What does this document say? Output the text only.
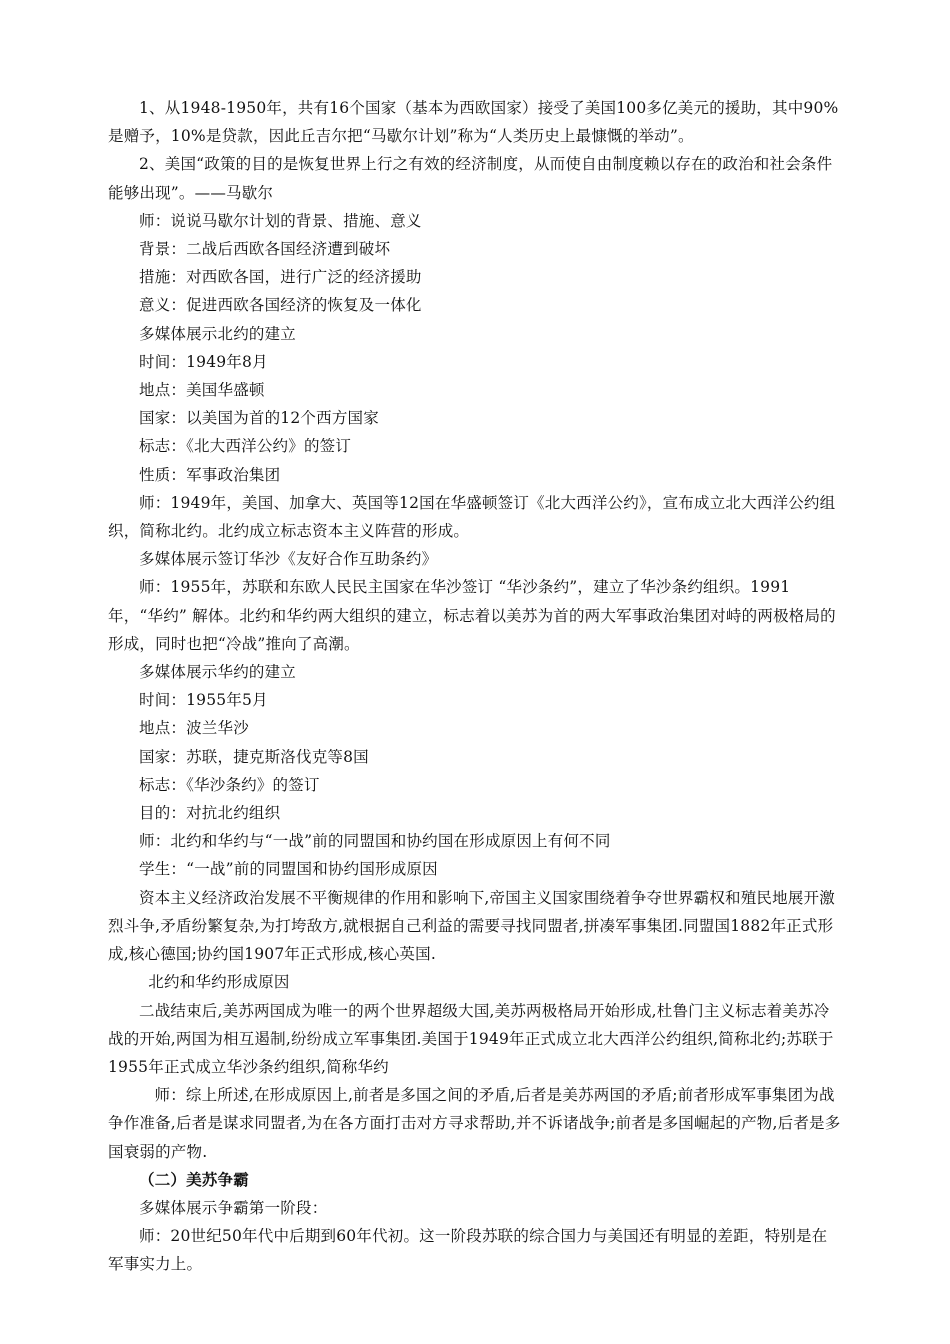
1、从1948-1950年，共有16个国家（基本为西欧国家）接受了美国100多亿美元的援助，其中90%是赠予，10%是贷款，因此丘吉尔把“马歇尔计划”称为“人类历史上最慷慨的举动”。

2、美国“政策的目的是恢复世界上行之有效的经济制度，从而使自由制度赖以存在的政治和社会条件能够出现”。——马歇尔

师：说说马歇尔计划的背景、措施、意义

背景：二战后西欧各国经济遭到破坏

措施：对西欧各国，进行广泛的经济援助

意义：促进西欧各国经济的恢复及一体化

多媒体展示北约的建立

时间：1949年8月

地点：美国华盛顿

国家：以美国为首的12个西方国家

标志：《北大西洋公约》的签订

性质：军事政治集团

师：1949年，美国、加拿大、英国等12国在华盛顿签订《北大西洋公约》，宣布成立北大西洋公约组织，简称北约。北约成立标志资本主义阵营的形成。

多媒体展示签订华沙《友好合作互助条约》

师：1955年，苏联和东欧人民民主国家在华沙签订 “华沙条约”，建立了华沙条约组织。1991年，“华约” 解体。北约和华约两大组织的建立，标志着以美苏为首的两大军事政治集团对峙的两极格局的形成，同时也把“冷战”推向了高潮。

多媒体展示华约的建立

时间：1955年5月

地点：波兰华沙

国家：苏联，捷克斯洛伐克等8国

标志：《华沙条约》的签订

目的：对抗北约组织

师：北约和华约与“一战”前的同盟国和协约国在形成原因上有何不同

学生：“一战”前的同盟国和协约国形成原因

资本主义经济政治发展不平衡规律的作用和影响下,帝国主义国家围绕着争夺世界霸权和殖民地展开激烈斗争,矛盾纷繁复杂,为打垮敌方,就根据自己利益的需要寻找同盟者,拼凑军事集团.同盟国1882年正式形成,核心德国;协约国1907年正式形成,核心英国.

北约和华约形成原因

二战结束后,美苏两国成为唯一的两个世界超级大国,美苏两极格局开始形成,杜鲁门主义标志着美苏冷战的开始,两国为相互遏制,纷纷成立军事集团.美国于1949年正式成立北大西洋公约组织,简称北约;苏联于1955年正式成立华沙条约组织,简称华约

师：综上所述,在形成原因上,前者是多国之间的矛盾,后者是美苏两国的矛盾;前者形成军事集团为战争作准备,后者是谋求同盟者,为在各方面打击对方寻求帮助,并不诉诸战争;前者是多国崛起的产物,后者是多国衰弱的产物.

（二）美苏争霸

多媒体展示争霸第一阶段：

师：20世纪50年代中后期到60年代初。这一阶段苏联的综合国力与美国还有明显的差距，特别是在军事实力上。
